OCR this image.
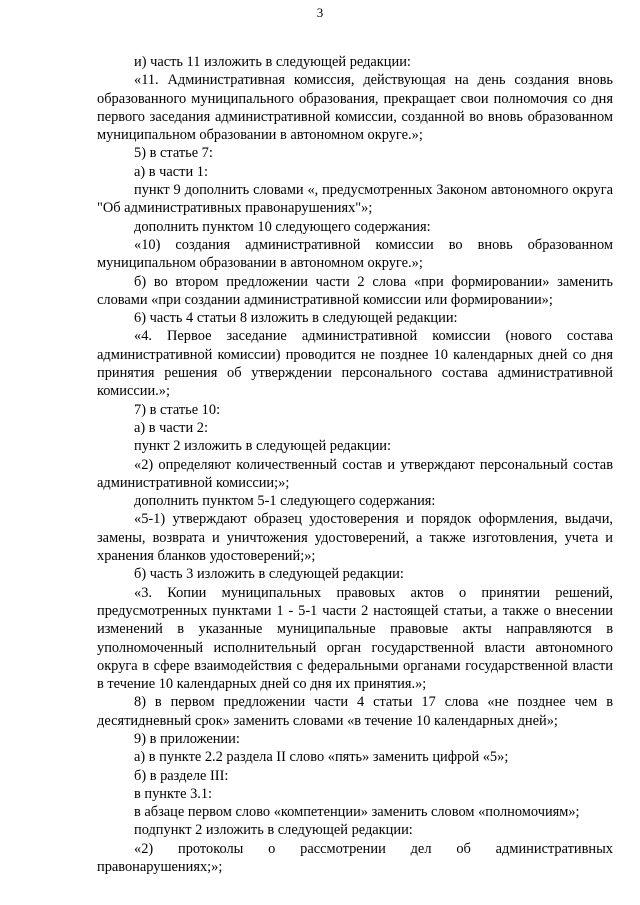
3

и) часть 11 изложить в следующей редакции:

«11. Административная комиссия, действующая на день создания вновь образованного муниципального образования, прекращает свои полномочия со дня первого заседания административной комиссии, созданной во вновь образованном муниципальном образовании в автономном округе.»;

5) в статье 7:

а) в части 1:

пункт 9 дополнить словами «, предусмотренных Законом автономного округа "Об административных правонарушениях"»;

дополнить пунктом 10 следующего содержания:

«10) создания административной комиссии во вновь образованном муниципальном образовании в автономном округе.»;

б) во втором предложении части 2 слова «при формировании» заменить словами «при создании административной комиссии или формировании»;

6) часть 4 статьи 8 изложить в следующей редакции:

«4. Первое заседание административной комиссии (нового состава административной комиссии) проводится не позднее 10 календарных дней со дня принятия решения об утверждении персонального состава административной комиссии.»;

7) в статье 10:

а) в части 2:

пункт 2 изложить в следующей редакции:

«2) определяют количественный состав и утверждают персональный состав административной комиссии;»;

дополнить пунктом 5-1 следующего содержания:

«5-1) утверждают образец удостоверения и порядок оформления, выдачи, замены, возврата и уничтожения удостоверений, а также изготовления, учета и хранения бланков удостоверений;»;

б) часть 3 изложить в следующей редакции:

«3. Копии муниципальных правовых актов о принятии решений, предусмотренных пунктами 1 - 5-1 части 2 настоящей статьи, а также о внесении изменений в указанные муниципальные правовые акты направляются в уполномоченный исполнительный орган государственной власти автономного округа в сфере взаимодействия с федеральными органами государственной власти в течение 10 календарных дней со дня их принятия.»;

8) в первом предложении части 4 статьи 17 слова «не позднее чем в десятидневный срок» заменить словами «в течение 10 календарных дней»;

9) в приложении:

а) в пункте 2.2 раздела II слово «пять» заменить цифрой «5»;

б) в разделе III:

в пункте 3.1:

в абзаце первом слово «компетенции» заменить словом «полномочиям»;

подпункт 2 изложить в следующей редакции:

«2) протоколы о рассмотрении дел об административных правонарушениях;»;
